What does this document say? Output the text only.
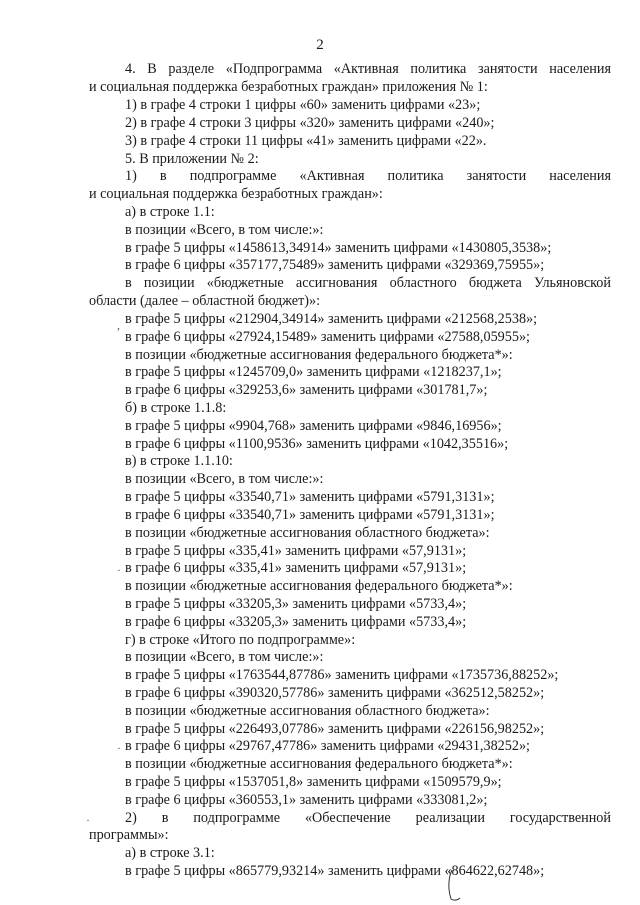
2
4. В разделе «Подпрограмма «Активная политика занятости населения
и социальная поддержка безработных граждан» приложения № 1:
1) в графе 4 строки 1 цифры «60» заменить цифрами «23»;
2) в графе 4 строки 3 цифры «320» заменить цифрами «240»;
3) в графе 4 строки 11 цифры «41» заменить цифрами «22».
5. В приложении № 2:
1) в подпрограмме «Активная политика занятости населения
и социальная поддержка безработных граждан»:
а) в строке 1.1:
в позиции «Всего, в том числе:»:
в графе 5 цифры «1458613,34914» заменить цифрами «1430805,3538»;
в графе 6 цифры «357177,75489» заменить цифрами «329369,75955»;
в позиции «бюджетные ассигнования областного бюджета Ульяновской
области (далее – областной бюджет)»:
в графе 5 цифры «212904,34914» заменить цифрами «212568,2538»;
в графе 6 цифры «27924,15489» заменить цифрами «27588,05955»;
в позиции «бюджетные ассигнования федерального бюджета*»:
в графе 5 цифры «1245709,0» заменить цифрами «1218237,1»;
в графе 6 цифры «329253,6» заменить цифрами «301781,7»;
б) в строке 1.1.8:
в графе 5 цифры «9904,768» заменить цифрами «9846,16956»;
в графе 6 цифры «1100,9536» заменить цифрами «1042,35516»;
в) в строке 1.1.10:
в позиции «Всего, в том числе:»:
в графе 5 цифры «33540,71» заменить цифрами «5791,3131»;
в графе 6 цифры «33540,71» заменить цифрами «5791,3131»;
в позиции «бюджетные ассигнования областного бюджета»:
в графе 5 цифры «335,41» заменить цифрами «57,9131»;
в графе 6 цифры «335,41» заменить цифрами «57,9131»;
в позиции «бюджетные ассигнования федерального бюджета*»:
в графе 5 цифры «33205,3» заменить цифрами «5733,4»;
в графе 6 цифры «33205,3» заменить цифрами «5733,4»;
г) в строке «Итого по подпрограмме»:
в позиции «Всего, в том числе:»:
в графе 5 цифры «1763544,87786» заменить цифрами «1735736,88252»;
в графе 6 цифры «390320,57786» заменить цифрами «362512,58252»;
в позиции «бюджетные ассигнования областного бюджета»:
в графе 5 цифры «226493,07786» заменить цифрами «226156,98252»;
в графе 6 цифры «29767,47786» заменить цифрами «29431,38252»;
в позиции «бюджетные ассигнования федерального бюджета*»:
в графе 5 цифры «1537051,8» заменить цифрами «1509579,9»;
в графе 6 цифры «360553,1» заменить цифрами «333081,2»;
2) в подпрограмме «Обеспечение реализации государственной
программы»:
а) в строке 3.1:
в графе 5 цифры «865779,93214» заменить цифрами «864622,62748»;
,
·
·
·
